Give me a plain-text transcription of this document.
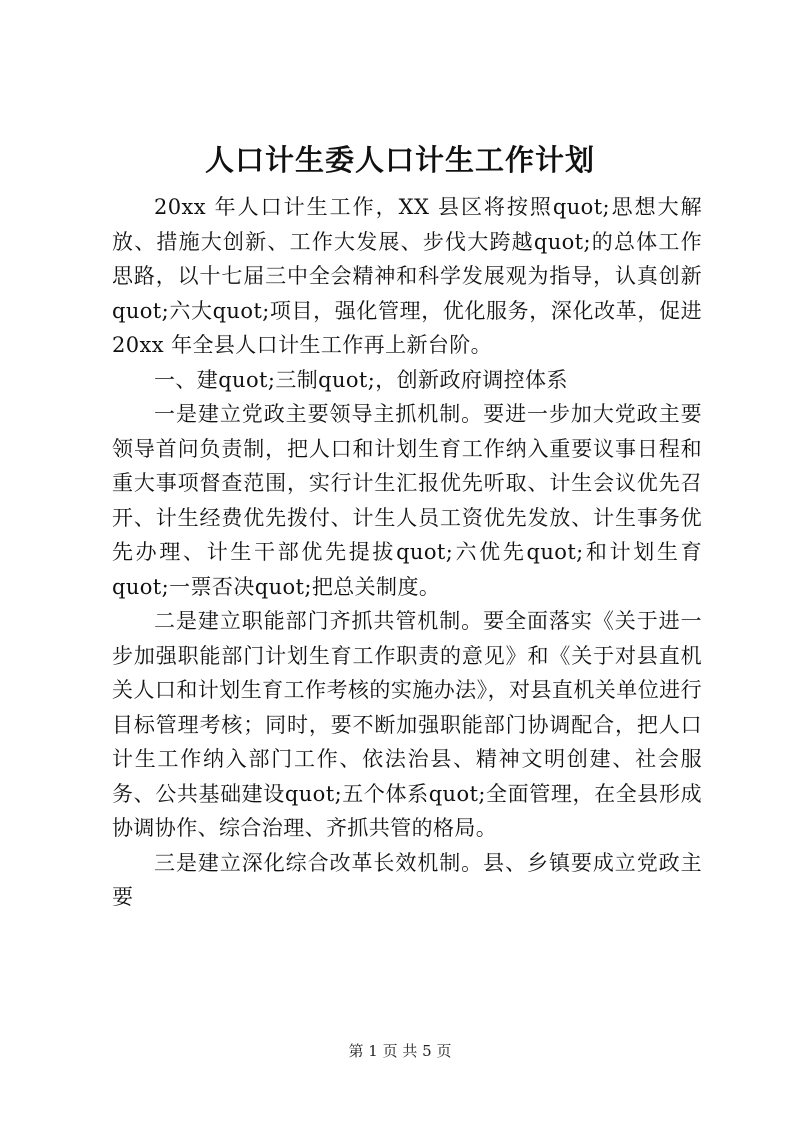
人口计生委人口计生工作计划

20xx 年人口计生工作，XX 县区将按照quot;思想大解放、措施大创新、工作大发展、步伐大跨越quot;的总体工作思路，以十七届三中全会精神和科学发展观为指导，认真创新quot;六大quot;项目，强化管理，优化服务，深化改革，促进20xx 年全县人口计生工作再上新台阶。

一、建quot;三制quot;，创新政府调控体系

一是建立党政主要领导主抓机制。要进一步加大党政主要领导首问负责制，把人口和计划生育工作纳入重要议事日程和重大事项督查范围，实行计生汇报优先听取、计生会议优先召开、计生经费优先拨付、计生人员工资优先发放、计生事务优先办理、计生干部优先提拔quot;六优先quot;和计划生育quot;一票否决quot;把总关制度。

二是建立职能部门齐抓共管机制。要全面落实《关于进一步加强职能部门计划生育工作职责的意见》和《关于对县直机关人口和计划生育工作考核的实施办法》，对县直机关单位进行目标管理考核；同时，要不断加强职能部门协调配合，把人口计生工作纳入部门工作、依法治县、精神文明创建、社会服务、公共基础建设quot;五个体系quot;全面管理，在全县形成协调协作、综合治理、齐抓共管的格局。

三是建立深化综合改革长效机制。县、乡镇要成立党政主要

第 1 页 共 5 页
